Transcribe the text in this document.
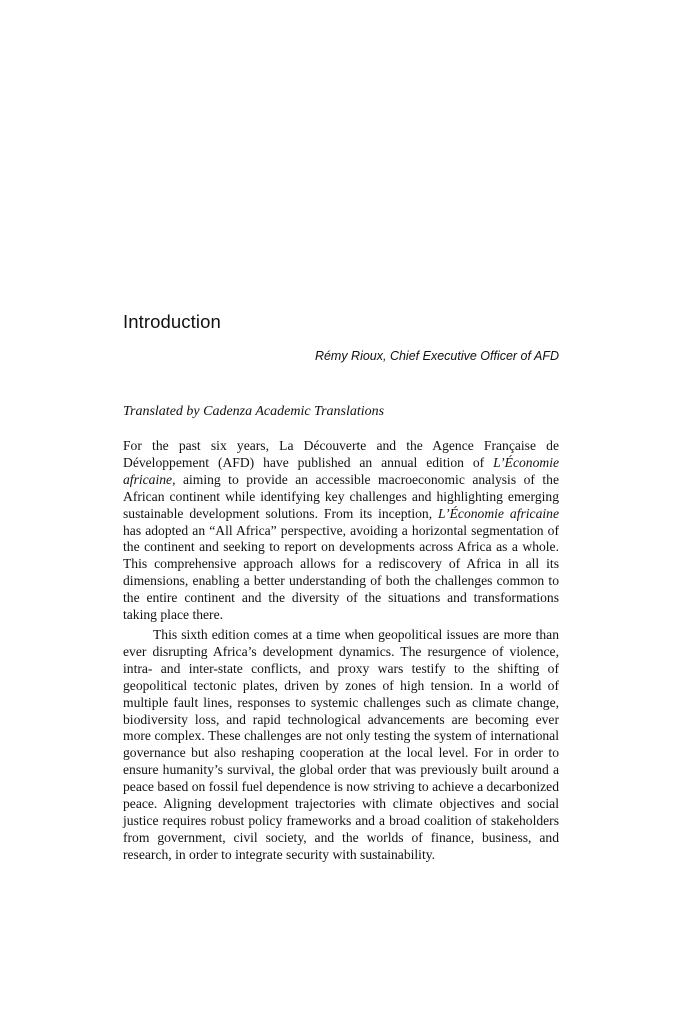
Introduction
Rémy Rioux, Chief Executive Officer of AFD
Translated by Cadenza Academic Translations

For the past six years, La Découverte and the Agence Française de Développement (AFD) have published an annual edition of L’Économie africaine, aiming to provide an accessible macroeconomic analysis of the African continent while identifying key challenges and highlighting emerging sustainable development solutions. From its inception, L’Économie africaine has adopted an “All Africa” perspective, avoiding a horizontal segmentation of the continent and seeking to report on developments across Africa as a whole. This comprehensive approach allows for a rediscovery of Africa in all its dimensions, enabling a better understanding of both the challenges common to the entire continent and the diversity of the situations and transformations taking place there.

This sixth edition comes at a time when geopolitical issues are more than ever disrupting Africa’s development dynamics. The resurgence of violence, intra- and inter-state conflicts, and proxy wars testify to the shifting of geopolitical tectonic plates, driven by zones of high tension. In a world of multiple fault lines, responses to systemic challenges such as climate change, biodiversity loss, and rapid technological advancements are becoming ever more complex. These challenges are not only testing the system of international governance but also reshaping cooperation at the local level. For in order to ensure humanity’s survival, the global order that was previously built around a peace based on fossil fuel dependence is now striving to achieve a decarbonized peace. Aligning development trajectories with climate objectives and social justice requires robust policy frameworks and a broad coalition of stakeholders from government, civil society, and the worlds of finance, business, and research, in order to integrate security with sustainability.
